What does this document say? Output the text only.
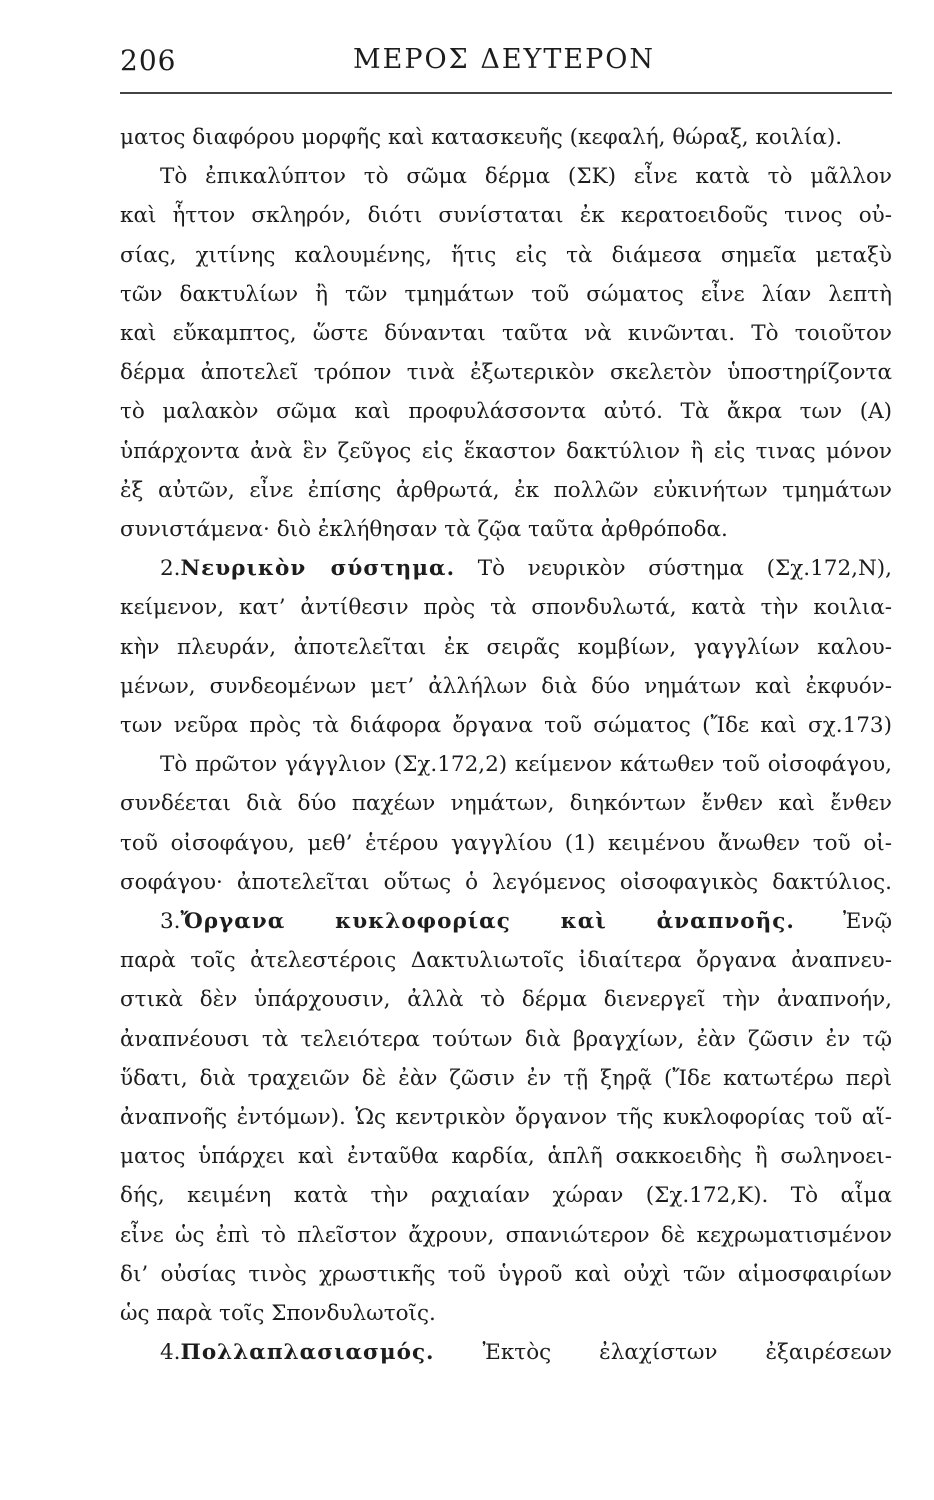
206	ΜΕΡΟΣ ΔΕΥΤΕΡΟΝ
ματος διαφόρου μορφῆς καὶ κατασκευῆς (κεφαλή, θώραξ, κοιλία).
Τὸ ἐπικαλύπτον τὸ σῶμα δέρμα (ΣΚ) εἶνε κατὰ τὸ μᾶλλον
καὶ ἧττον σκληρόν, διότι συνίσταται ἐκ κερατοειδοῦς τινος οὐ-
σίας, χιτίνης καλουμένης, ἥτις εἰς τὰ διάμεσα σημεῖα μεταξὺ
τῶν δακτυλίων ἢ τῶν τμημάτων τοῦ σώματος εἶνε λίαν λεπτὴ
καὶ εὔκαμπτος, ὥστε δύνανται ταῦτα νὰ κινῶνται. Τὸ τοιοῦτον
δέρμα ἀποτελεῖ τρόπον τινὰ ἐξωτερικὸν σκελετὸν ὑποστηρίζοντα
τὸ μαλακὸν σῶμα καὶ προφυλάσσοντα αὐτό. Τὰ ἄκρα των (Α)
ὑπάρχοντα ἀνὰ ἓν ζεῦγος εἰς ἕκαστον δακτύλιον ἢ εἰς τινας μόνον
ἐξ αὐτῶν, εἶνε ἐπίσης ἀρθρωτά, ἐκ πολλῶν εὐκινήτων τμημάτων
συνιστάμενα· διὸ ἐκλήθησαν τὰ ζῷα ταῦτα ἀρθρόποδα.
2.Νευρικὸν σύστημα. Τὸ νευρικὸν σύστημα (Σχ.172,Ν),
κείμενον, κατ’ ἀντίθεσιν πρὸς τὰ σπονδυλωτά, κατὰ τὴν κοιλια-
κὴν πλευράν, ἀποτελεῖται ἐκ σειρᾶς κομβίων, γαγγλίων καλου-
μένων, συνδεομένων μετ’ ἀλλήλων διὰ δύο νημάτων καὶ ἐκφυόν-
των νεῦρα πρὸς τὰ διάφορα ὄργανα τοῦ σώματος (Ἴδε καὶ σχ.173)
Τὸ πρῶτον γάγγλιον (Σχ.172,2) κείμενον κάτωθεν τοῦ οἰσοφάγου,
συνδέεται διὰ δύο παχέων νημάτων, διηκόντων ἔνθεν καὶ ἔνθεν
τοῦ οἰσοφάγου, μεθ’ ἑτέρου γαγγλίου (1) κειμένου ἄνωθεν τοῦ οἰ-
σοφάγου· ἀποτελεῖται οὕτως ὁ λεγόμενος οἰσοφαγικὸς δακτύλιος.
3.Ὄργανα κυκλοφορίας καὶ ἀναπνοῆς. Ἐνῷ
παρὰ τοῖς ἀτελεστέροις Δακτυλιωτοῖς ἰδιαίτερα ὄργανα ἀναπνευ-
στικὰ δὲν ὑπάρχουσιν, ἀλλὰ τὸ δέρμα διενεργεῖ τὴν ἀναπνοήν,
ἀναπνέουσι τὰ τελειότερα τούτων διὰ βραγχίων, ἐὰν ζῶσιν ἐν τῷ
ὕδατι, διὰ τραχειῶν δὲ ἐὰν ζῶσιν ἐν τῇ ξηρᾷ (Ἴδε κατωτέρω περὶ
ἀναπνοῆς ἐντόμων). Ὡς κεντρικὸν ὄργανον τῆς κυκλοφορίας τοῦ αἵ-
ματος ὑπάρχει καὶ ἐνταῦθα καρδία, ἁπλῆ σακκοειδὴς ἢ σωληνοει-
δής, κειμένη κατὰ τὴν ραχιαίαν χώραν (Σχ.172,Κ). Τὸ αἷμα
εἶνε ὡς ἐπὶ τὸ πλεῖστον ἄχρουν, σπανιώτερον δὲ κεχρωματισμένον
δι’ οὐσίας τινὸς χρωστικῆς τοῦ ὑγροῦ καὶ οὐχὶ τῶν αἱμοσφαιρίων
ὡς παρὰ τοῖς Σπονδυλωτοῖς.
4.Πολλαπλασιασμός. Ἐκτὸς ἐλαχίστων ἐξαιρέσεων
